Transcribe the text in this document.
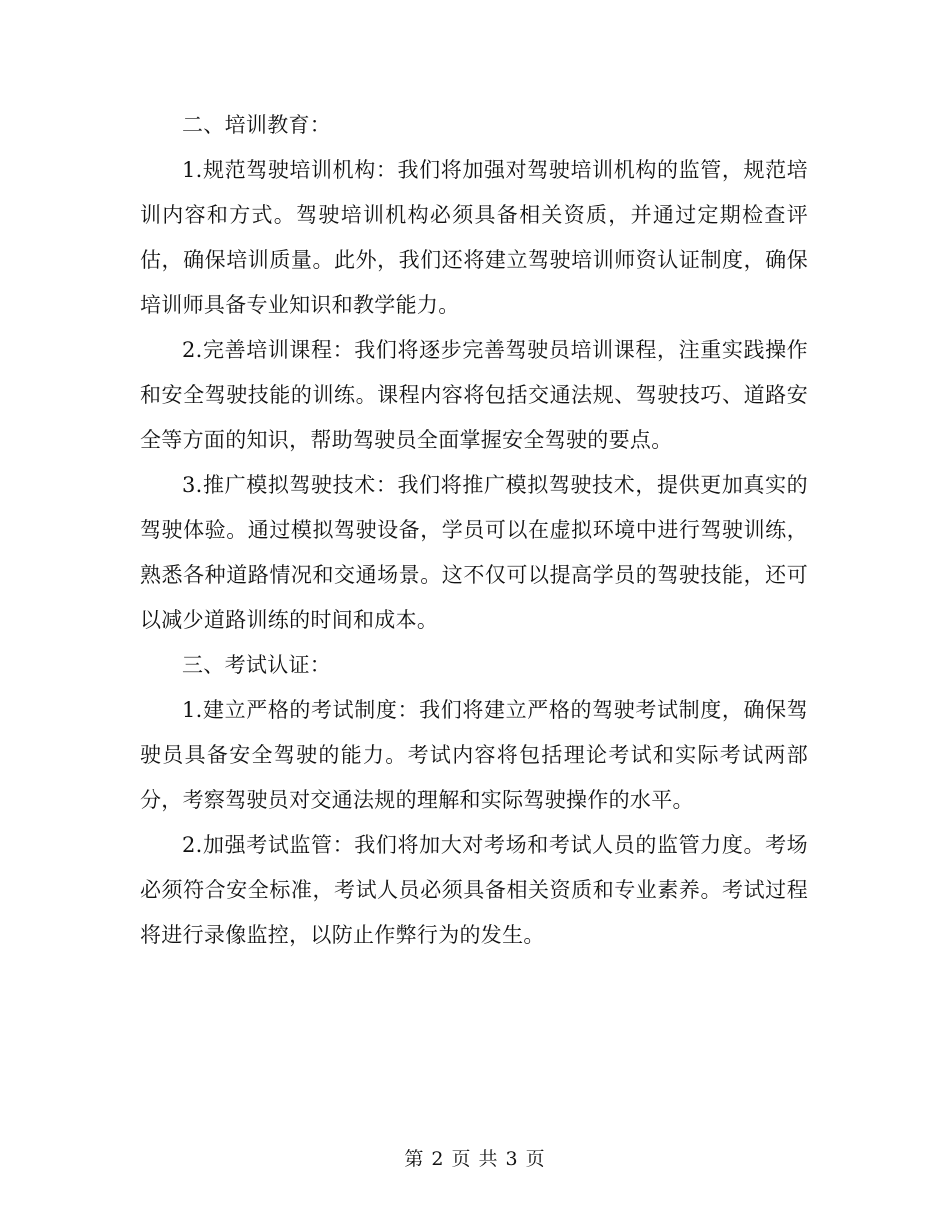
二、培训教育：

1.规范驾驶培训机构：我们将加强对驾驶培训机构的监管，规范培训内容和方式。驾驶培训机构必须具备相关资质，并通过定期检查评估，确保培训质量。此外，我们还将建立驾驶培训师资认证制度，确保培训师具备专业知识和教学能力。

2.完善培训课程：我们将逐步完善驾驶员培训课程，注重实践操作和安全驾驶技能的训练。课程内容将包括交通法规、驾驶技巧、道路安全等方面的知识，帮助驾驶员全面掌握安全驾驶的要点。

3.推广模拟驾驶技术：我们将推广模拟驾驶技术，提供更加真实的驾驶体验。通过模拟驾驶设备，学员可以在虚拟环境中进行驾驶训练，熟悉各种道路情况和交通场景。这不仅可以提高学员的驾驶技能，还可以减少道路训练的时间和成本。

三、考试认证：

1.建立严格的考试制度：我们将建立严格的驾驶考试制度，确保驾驶员具备安全驾驶的能力。考试内容将包括理论考试和实际考试两部分，考察驾驶员对交通法规的理解和实际驾驶操作的水平。

2.加强考试监管：我们将加大对考场和考试人员的监管力度。考场必须符合安全标准，考试人员必须具备相关资质和专业素养。考试过程将进行录像监控，以防止作弊行为的发生。

第 2 页 共 3 页
